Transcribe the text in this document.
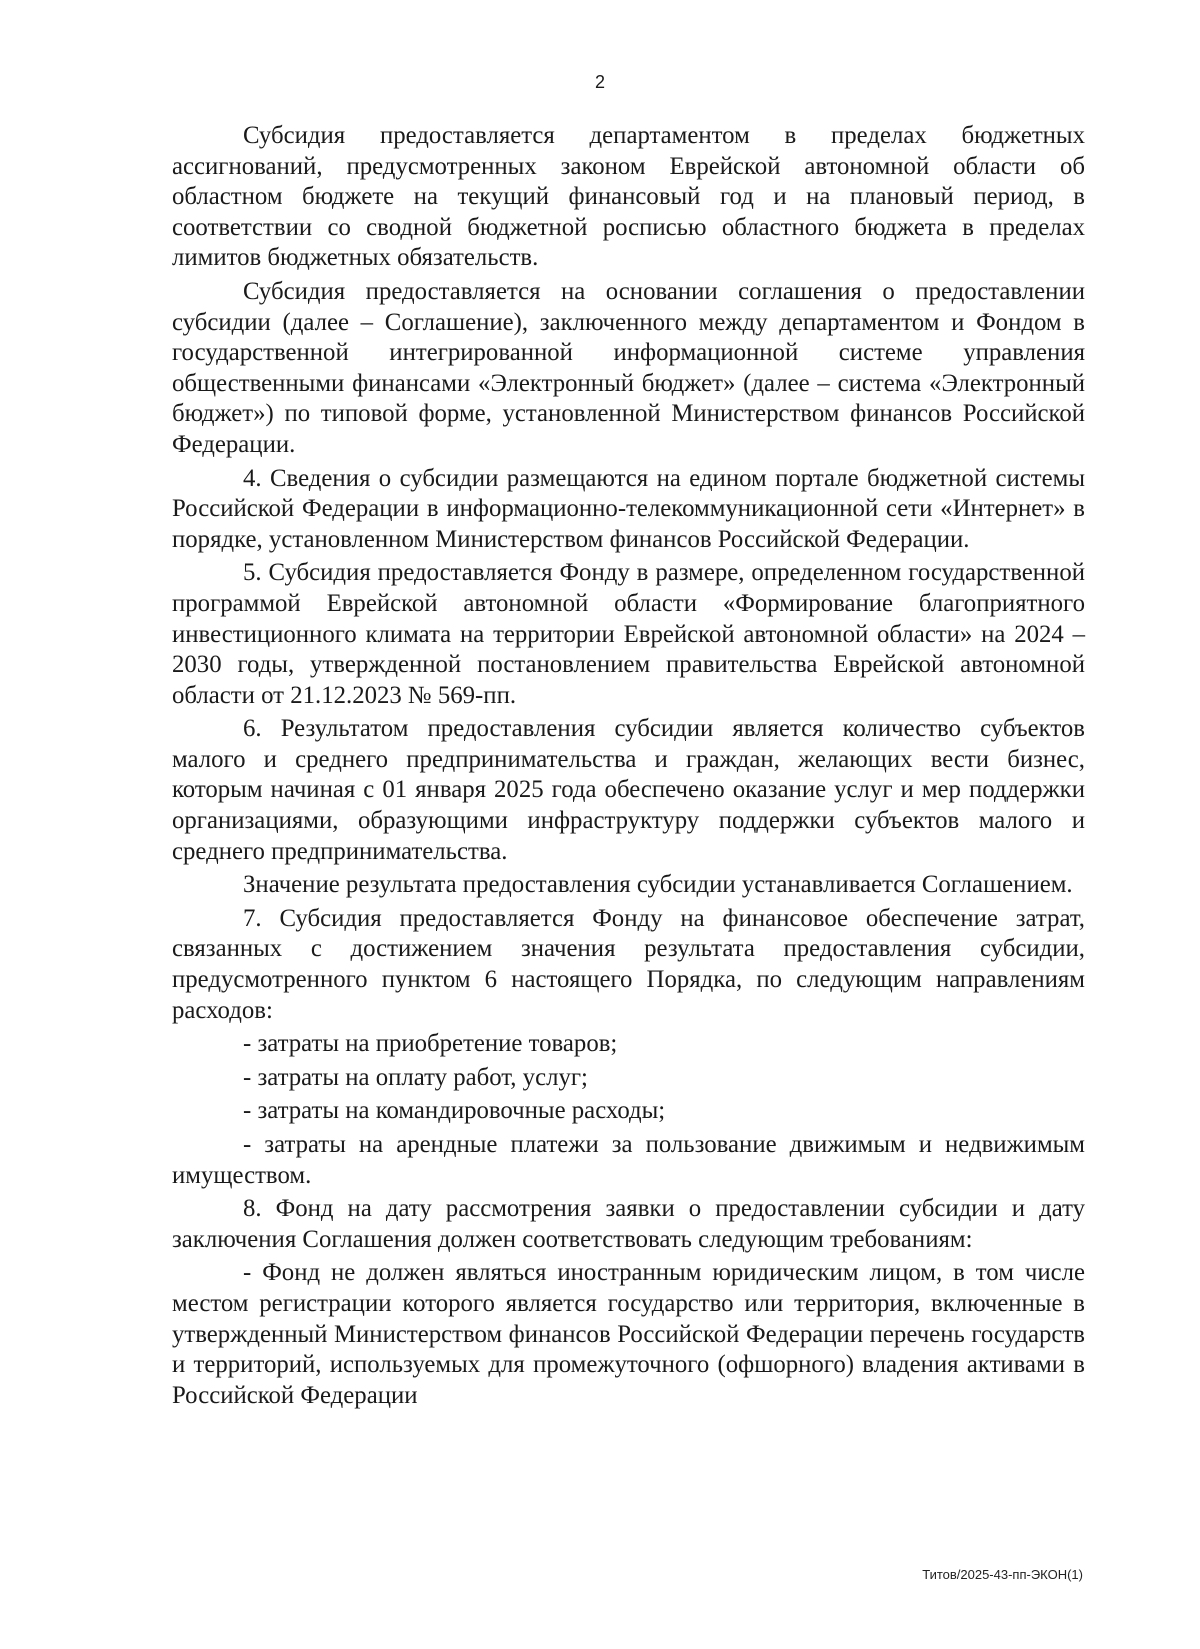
2

Субсидия предоставляется департаментом в пределах бюджетных ассигнований, предусмотренных законом Еврейской автономной области об областном бюджете на текущий финансовый год и на плановый период, в соответствии со сводной бюджетной росписью областного бюджета в пределах лимитов бюджетных обязательств.

Субсидия предоставляется на основании соглашения о предоставлении субсидии (далее – Соглашение), заключенного между департаментом и Фондом в государственной интегрированной информационной системе управления общественными финансами «Электронный бюджет» (далее – система «Электронный бюджет») по типовой форме, установленной Министерством финансов Российской Федерации.

4. Сведения о субсидии размещаются на едином портале бюджетной системы Российской Федерации в информационно-телекоммуникационной сети «Интернет» в порядке, установленном Министерством финансов Российской Федерации.

5. Субсидия предоставляется Фонду в размере, определенном государственной программой Еврейской автономной области «Формирование благоприятного инвестиционного климата на территории Еврейской автономной области» на 2024 – 2030 годы, утвержденной постановлением правительства Еврейской автономной области от 21.12.2023 № 569-пп.

6. Результатом предоставления субсидии является количество субъектов малого и среднего предпринимательства и граждан, желающих вести бизнес, которым начиная с 01 января 2025 года обеспечено оказание услуг и мер поддержки организациями, образующими инфраструктуру поддержки субъектов малого и среднего предпринимательства.

Значение результата предоставления субсидии устанавливается Соглашением.

7. Субсидия предоставляется Фонду на финансовое обеспечение затрат, связанных с достижением значения результата предоставления субсидии, предусмотренного пунктом 6 настоящего Порядка, по следующим направлениям расходов:

- затраты на приобретение товаров;

- затраты на оплату работ, услуг;

- затраты на командировочные расходы;

- затраты на арендные платежи за пользование движимым и недвижимым имуществом.

8. Фонд на дату рассмотрения заявки о предоставлении субсидии и дату заключения Соглашения должен соответствовать следующим требованиям:

- Фонд не должен являться иностранным юридическим лицом, в том числе местом регистрации которого является государство или территория, включенные в утвержденный Министерством финансов Российской Федерации перечень государств и территорий, используемых для промежуточного (офшорного) владения активами в Российской Федерации

Титов/2025-43-пп-ЭКОН(1)
